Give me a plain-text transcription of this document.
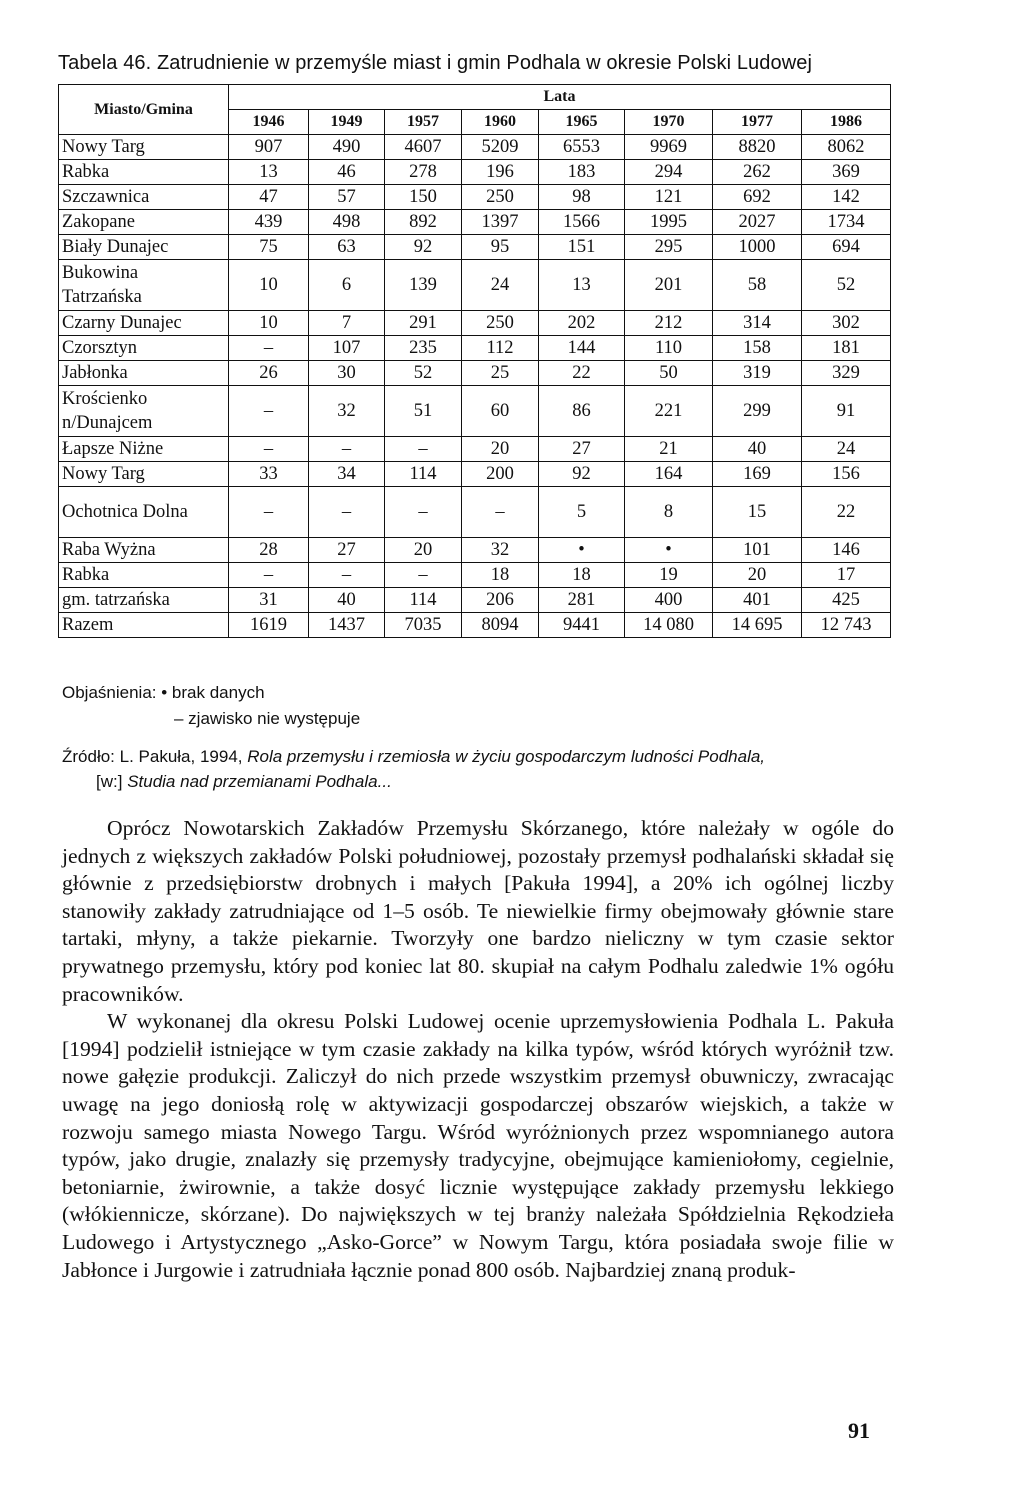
Tabela 46. Zatrudnienie w przemyśle miast i gmin Podhala w okresie Polski Ludowej
Miasto/Gmina	Lata							
	1946	1949	1957	1960	1965	1970	1977	1986
Nowy Targ	907	490	4607	5209	6553	9969	8820	8062
Rabka	13	46	278	196	183	294	262	369
Szczawnica	47	57	150	250	98	121	692	142
Zakopane	439	498	892	1397	1566	1995	2027	1734
Biały Dunajec	75	63	92	95	151	295	1000	694
Bukowina Tatrzańska	10	6	139	24	13	201	58	52
Czarny Dunajec	10	7	291	250	202	212	314	302
Czorsztyn	–	107	235	112	144	110	158	181
Jabłonka	26	30	52	25	22	50	319	329
Krościenko n/Dunajcem	–	32	51	60	86	221	299	91
Łapsze Niżne	–	–	–	20	27	21	40	24
Nowy Targ	33	34	114	200	92	164	169	156
Ochotnica Dolna	–	–	–	–	5	8	15	22
Raba Wyżna	28	27	20	32	•	•	101	146
Rabka	–	–	–	18	18	19	20	17
gm. tatrzańska	31	40	114	206	281	400	401	425
Razem	1619	1437	7035	8094	9441	14 080	14 695	12 743
Objaśnienia: • brak danych
– zjawisko nie występuje
Źródło: L. Pakuła, 1994, Rola przemysłu i rzemiosła w życiu gospodarczym ludności Podhala,
[w:] Studia nad przemianami Podhala...

Oprócz Nowotarskich Zakładów Przemysłu Skórzanego, które należały w ogóle do jednych z większych zakładów Polski południowej, pozostały przemysł podhalański składał się głównie z przedsiębiorstw drobnych i małych [Pakuła 1994], a 20% ich ogólnej liczby stanowiły zakłady zatrudniające od 1–5 osób. Te niewielkie firmy obejmowały głównie stare tartaki, młyny, a także piekarnie. Tworzyły one bardzo nieliczny w tym czasie sektor prywatnego przemysłu, który pod koniec lat 80. skupiał na całym Podhalu zaledwie 1% ogółu pracowników.

W wykonanej dla okresu Polski Ludowej ocenie uprzemysłowienia Podhala L. Pakuła [1994] podzielił istniejące w tym czasie zakłady na kilka typów, wśród których wyróżnił tzw. nowe gałęzie produkcji. Zaliczył do nich przede wszystkim przemysł obuwniczy, zwracając uwagę na jego doniosłą rolę w aktywizacji gospodarczej obszarów wiejskich, a także w rozwoju samego miasta Nowego Targu. Wśród wyróżnionych przez wspomnianego autora typów, jako drugie, znalazły się przemysły tradycyjne, obejmujące kamieniołomy, cegielnie, betoniarnie, żwirownie, a także dosyć licznie występujące zakłady przemysłu lekkiego (włókiennicze, skórzane). Do największych w tej branży należała Spółdzielnia Rękodzieła Ludowego i Artystycznego „Asko-Gorce” w Nowym Targu, która posiadała swoje filie w Jabłonce i Jurgowie i zatrudniała łącznie ponad 800 osób. Najbardziej znaną produk-

91
